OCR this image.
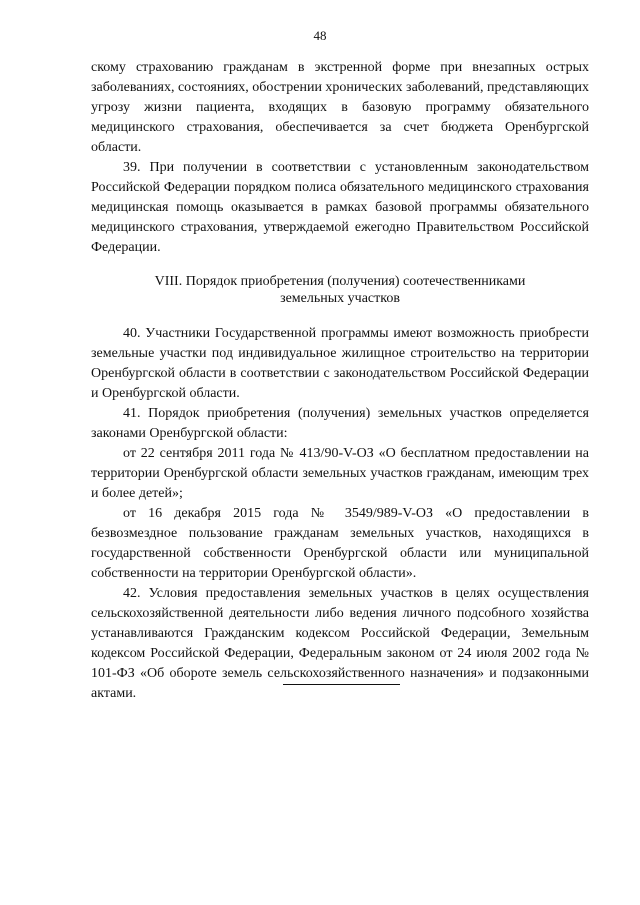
48

скому страхованию гражданам в экстренной форме при внезапных острых заболеваниях, состояниях, обострении хронических заболеваний, представляющих угрозу жизни пациента, входящих в базовую программу обязательного медицинского страхования, обеспечивается за счет бюджета Оренбургской области.

39. При получении в соответствии с установленным законодательством Российской Федерации порядком полиса обязательного медицинского страхования медицинская помощь оказывается в рамках базовой программы обязательного медицинского страхования, утверждаемой ежегодно Правительством Российской Федерации.

VIII. Порядок приобретения (получения) соотечественниками
земельных участков

40. Участники Государственной программы имеют возможность приобрести земельные участки под индивидуальное жилищное строительство на территории Оренбургской области в соответствии с законодательством Российской Федерации и Оренбургской области.

41. Порядок приобретения (получения) земельных участков определяется законами Оренбургской области:

от 22 сентября 2011 года № 413/90-V-ОЗ «О бесплатном предоставлении на территории Оренбургской области земельных участков гражданам, имеющим трех и более детей»;

от 16 декабря 2015 года № 3549/989-V-ОЗ «О предоставлении в безвозмездное пользование гражданам земельных участков, находящихся в государственной собственности Оренбургской области или муниципальной собственности на территории Оренбургской области».

42. Условия предоставления земельных участков в целях осуществления сельскохозяйственной деятельности либо ведения личного подсобного хозяйства устанавливаются Гражданским кодексом Российской Федерации, Земельным кодексом Российской Федерации, Федеральным законом от 24 июля 2002 года № 101-ФЗ «Об обороте земель сельскохозяйственного назначения» и подзаконными актами.
